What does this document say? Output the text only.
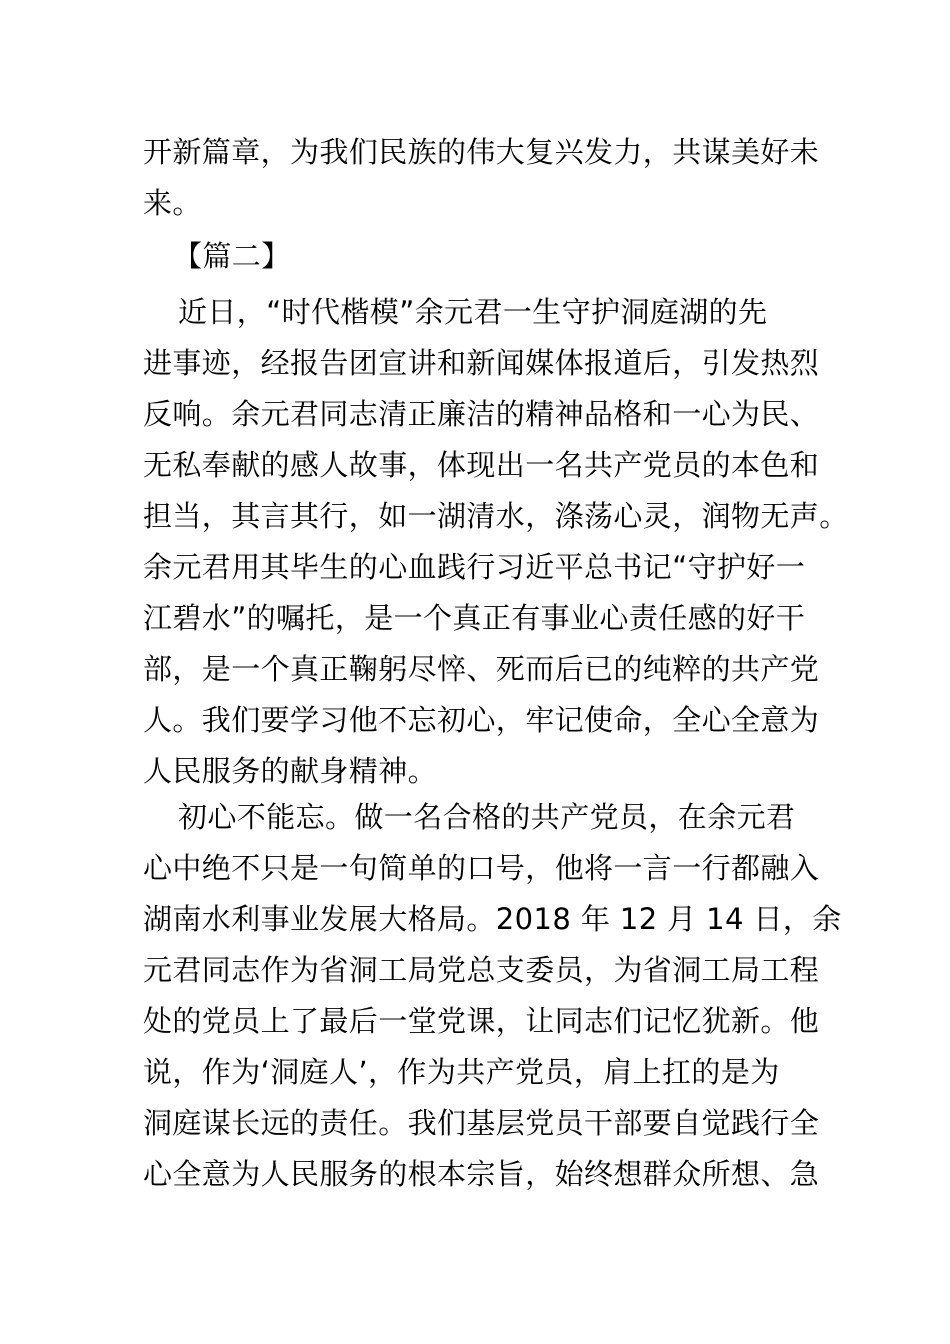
开新篇章，为我们民族的伟大复兴发力，共谋美好未
来。
【篇二】
近日，“时代楷模”余元君一生守护洞庭湖的先
进事迹，经报告团宣讲和新闻媒体报道后，引发热烈
反响。余元君同志清正廉洁的精神品格和一心为民、
无私奉献的感人故事，体现出一名共产党员的本色和
担当，其言其行，如一湖清水，涤荡心灵，润物无声。
余元君用其毕生的心血践行习近平总书记“守护好一
江碧水”的嘱托，是一个真正有事业心责任感的好干
部，是一个真正鞠躬尽悴、死而后已的纯粹的共产党
人。我们要学习他不忘初心，牢记使命，全心全意为
人民服务的献身精神。
初心不能忘。做一名合格的共产党员，在余元君
心中绝不只是一句简单的口号，他将一言一行都融入
湖南水利事业发展大格局。2018 年 12 月 14 日，余
元君同志作为省洞工局党总支委员，为省洞工局工程
处的党员上了最后一堂党课，让同志们记忆犹新。他
说，作为‘洞庭人’，作为共产党员，肩上扛的是为
洞庭谋长远的责任。我们基层党员干部要自觉践行全
心全意为人民服务的根本宗旨，始终想群众所想、急
